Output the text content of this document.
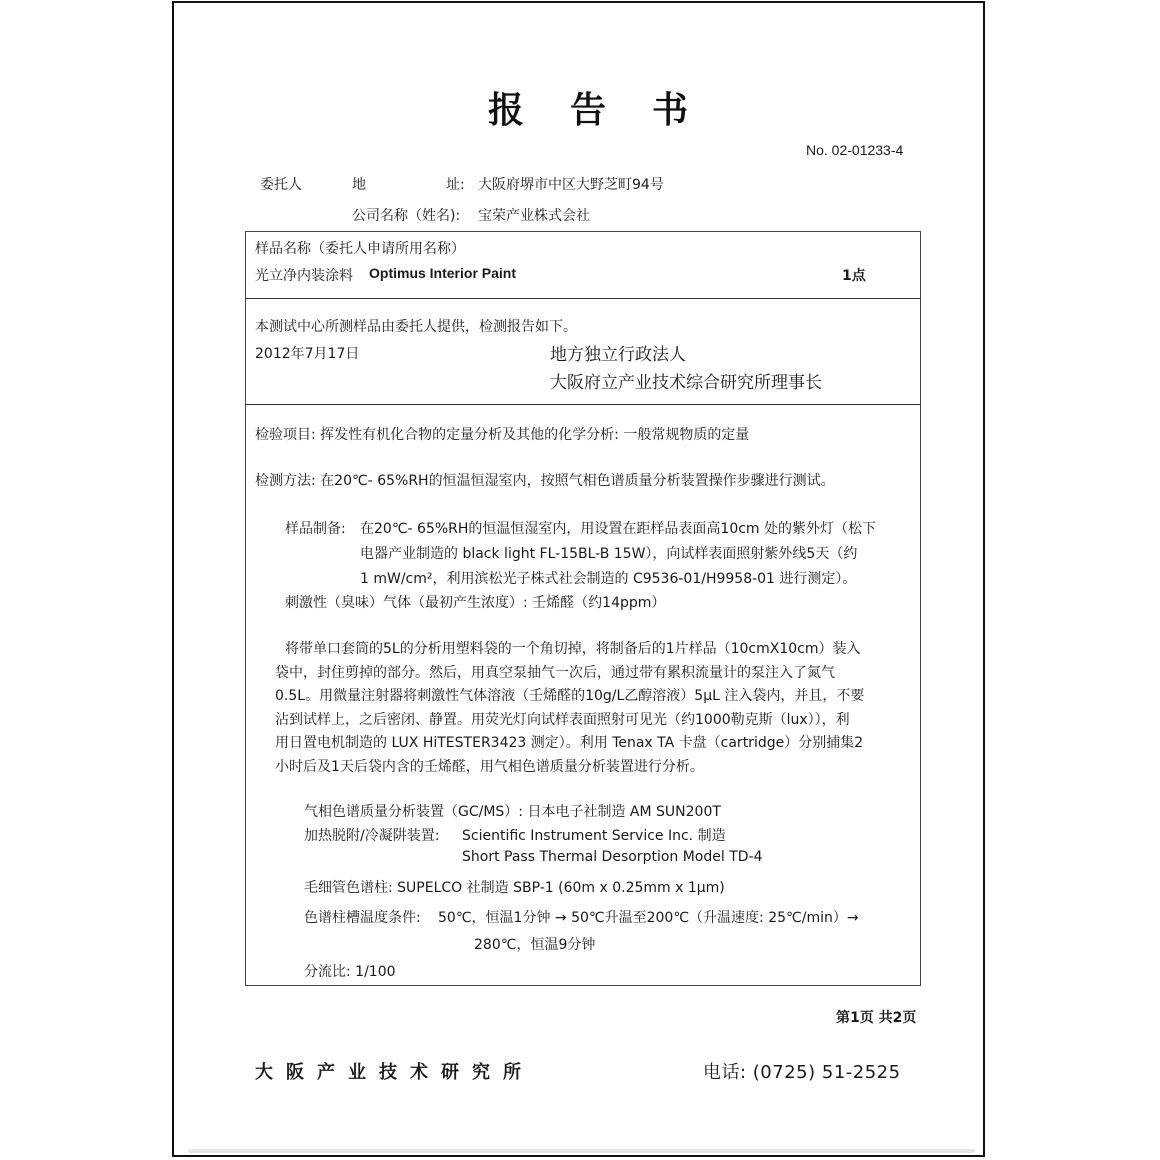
报告书
No. 02-01233-4
委托人	地	址: 大阪府堺市中区大野芝町94号
公司名称（姓名): 宝荣产业株式会社
样品名称（委托人申请所用名称）
光立净内装涂料 Optimus Interior Paint	1点
本测试中心所测样品由委托人提供，检测报告如下。
2012年7月17日	地方独立行政法人
大阪府立产业技术综合研究所理事长
检验项目: 挥发性有机化合物的定量分析及其他的化学分析: 一般常规物质的定量
检测方法: 在20℃- 65%RH的恒温恒湿室内，按照气相色谱质量分析装置操作步骤进行测试。
样品制备: 在20℃- 65%RH的恒温恒湿室内，用设置在距样品表面高10cm 处的紫外灯（松下
电器产业制造的 black light FL-15BL-B 15W），向试样表面照射紫外线5天（约
1 mW/cm²，利用滨松光子株式社会制造的 C9536-01/H9958-01 进行测定）。
刺激性（臭味）气体（最初产生浓度）: 壬烯醛（约14ppm）
将带单口套筒的5L的分析用塑料袋的一个角切掉，将制备后的1片样品（10cmX10cm）装入
袋中，封住剪掉的部分。然后，用真空泵抽气一次后，通过带有累积流量计的泵注入了氮气
0.5L。用微量注射器将刺激性气体溶液（壬烯醛的10g/L乙醇溶液）5μL 注入袋内，并且，不要
沾到试样上，之后密闭、静置。用荧光灯向试样表面照射可见光（约1000勒克斯（lux）），利
用日置电机制造的 LUX HiTESTER3423 测定）。利用 Tenax TA 卡盘（cartridge）分别捕集2
小时后及1天后袋内含的壬烯醛，用气相色谱质量分析装置进行分析。
气相色谱质量分析装置（GC/MS）: 日本电子社制造 AM SUN200T
加热脱附/冷凝阱装置: Scientific Instrument Service Inc. 制造
Short Pass Thermal Desorption Model TD-4
毛细管色谱柱: SUPELCO 社制造 SBP-1 (60m x 0.25mm x 1μm)
色谱柱槽温度条件: 50℃，恒温1分钟 → 50℃升温至200℃（升温速度: 25℃/min）→
280℃，恒温9分钟
分流比: 1/100
第1页 共2页
大阪产业技术研究所	电话: (0725) 51-2525
